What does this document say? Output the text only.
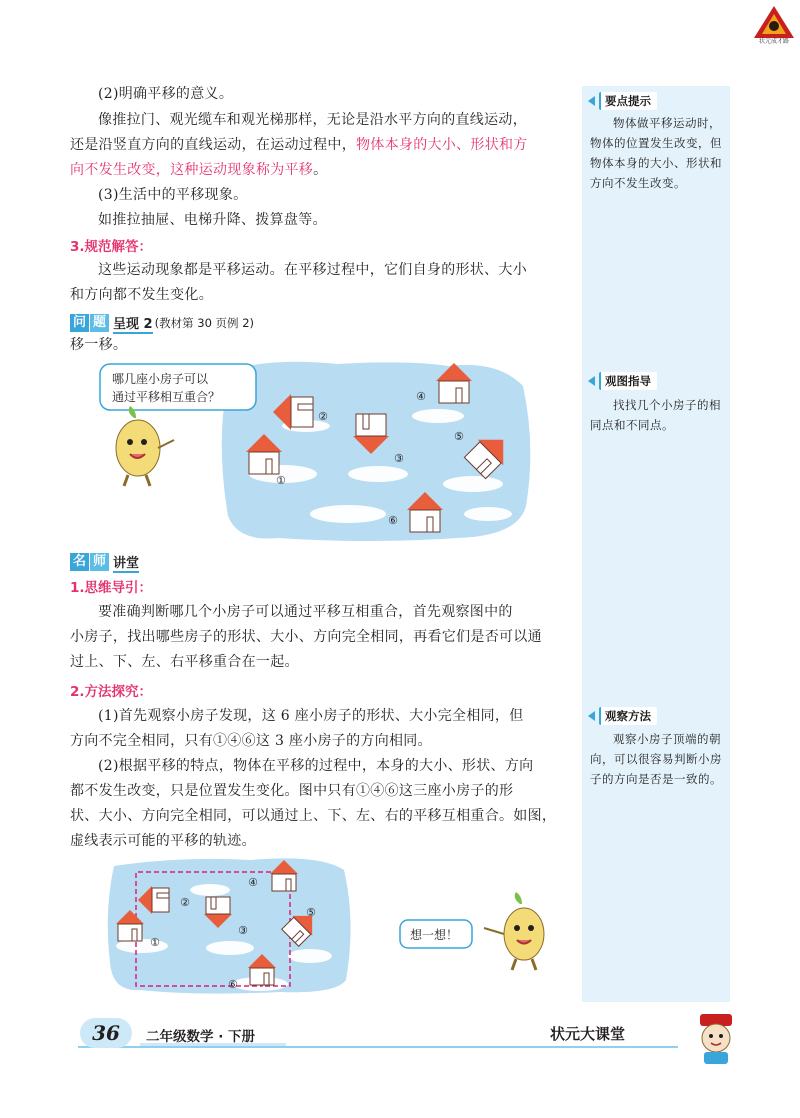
状元成才路
要点提示
物体做平移运动时，物体的位置发生改变，但物体本身的大小、形状和方向不发生改变。
观图指导
找找几个小房子的相同点和不同点。
观察方法
观察小房子顶端的朝向，可以很容易判断小房子的方向是否是一致的。
(2)明确平移的意义。
像推拉门、观光缆车和观光梯那样，无论是沿水平方向的直线运动，
还是沿竖直方向的直线运动，在运动过程中，物体本身的大小、形状和方
向不发生改变，这种运动现象称为平移。
(3)生活中的平移现象。
如推拉抽屉、电梯升降、拨算盘等。
3.规范解答：
这些运动现象都是平移运动。在平移过程中，它们自身的形状、大小
和方向都不发生变化。
问 题 呈现 2 (教材第 30 页例 2)
移一移。
①
②
③
④
⑤
⑥
哪几座小房子可以
通过平移相互重合？
名 师 讲堂
1.思维导引：
要准确判断哪几个小房子可以通过平移互相重合，首先观察图中的
小房子，找出哪些房子的形状、大小、方向完全相同，再看它们是否可以通
过上、下、左、右平移重合在一起。
2.方法探究：
(1)首先观察小房子发现，这 6 座小房子的形状、大小完全相同，但
方向不完全相同，只有①④⑥这 3 座小房子的方向相同。
(2)根据平移的特点，物体在平移的过程中，本身的大小、形状、方向
都不发生改变，只是位置发生变化。图中只有①④⑥这三座小房子的形
状、大小、方向完全相同，可以通过上、下、左、右的平移互相重合。如图，
虚线表示可能的平移的轨迹。
①
②
③
④
⑤
⑥
想一想！
36	二年级数学 · 下册	状元大课堂
